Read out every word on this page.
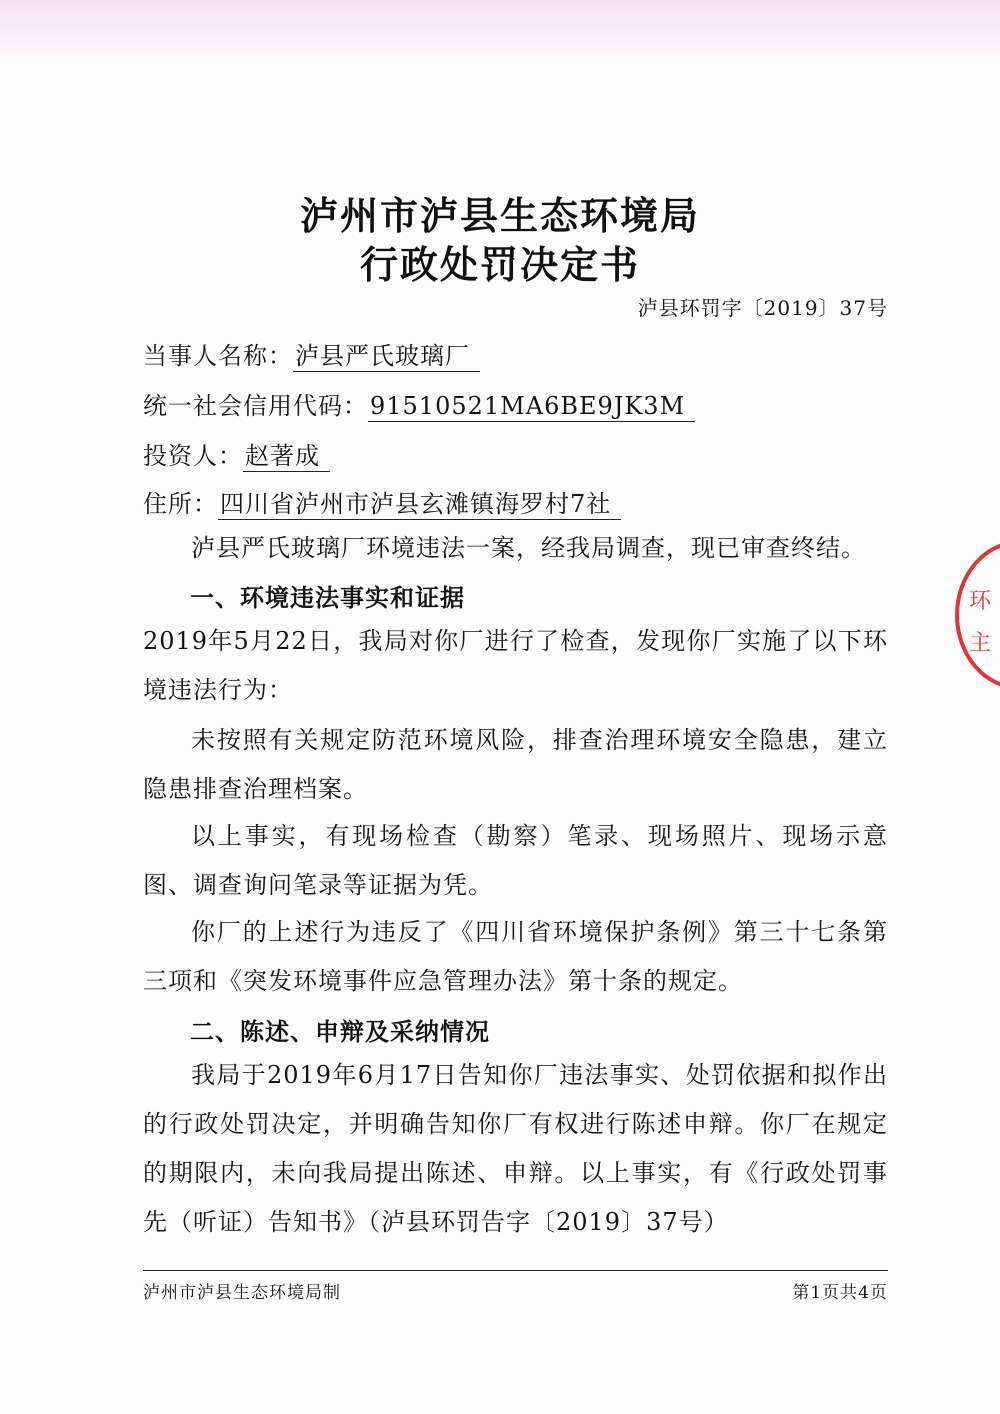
泸州市泸县生态环境局
行政处罚决定书
泸县环罚字〔2019〕37号
当事人名称：泸县严氏玻璃厂
统一社会信用代码：91510521MA6BE9JK3M
投资人：赵著成
住所：四川省泸州市泸县玄滩镇海罗村7社

泸县严氏玻璃厂环境违法一案，经我局调查，现已审查终结。

一、环境违法事实和证据

2019年5月22日，我局对你厂进行了检查，发现你厂实施了以下环境违法行为：

未按照有关规定防范环境风险，排查治理环境安全隐患，建立隐患排查治理档案。

以上事实，有现场检查（勘察）笔录、现场照片、现场示意图、调查询问笔录等证据为凭。

你厂的上述行为违反了《四川省环境保护条例》第三十七条第三项和《突发环境事件应急管理办法》第十条的规定。

二、陈述、申辩及采纳情况

我局于2019年6月17日告知你厂违法事实、处罚依据和拟作出的行政处罚决定，并明确告知你厂有权进行陈述申辩。你厂在规定的期限内，未向我局提出陈述、申辩。以上事实，有《行政处罚事先（听证）告知书》（泸县环罚告字〔2019〕37号）

泸州市泸县生态环境局制	第1页共4页
环
主
